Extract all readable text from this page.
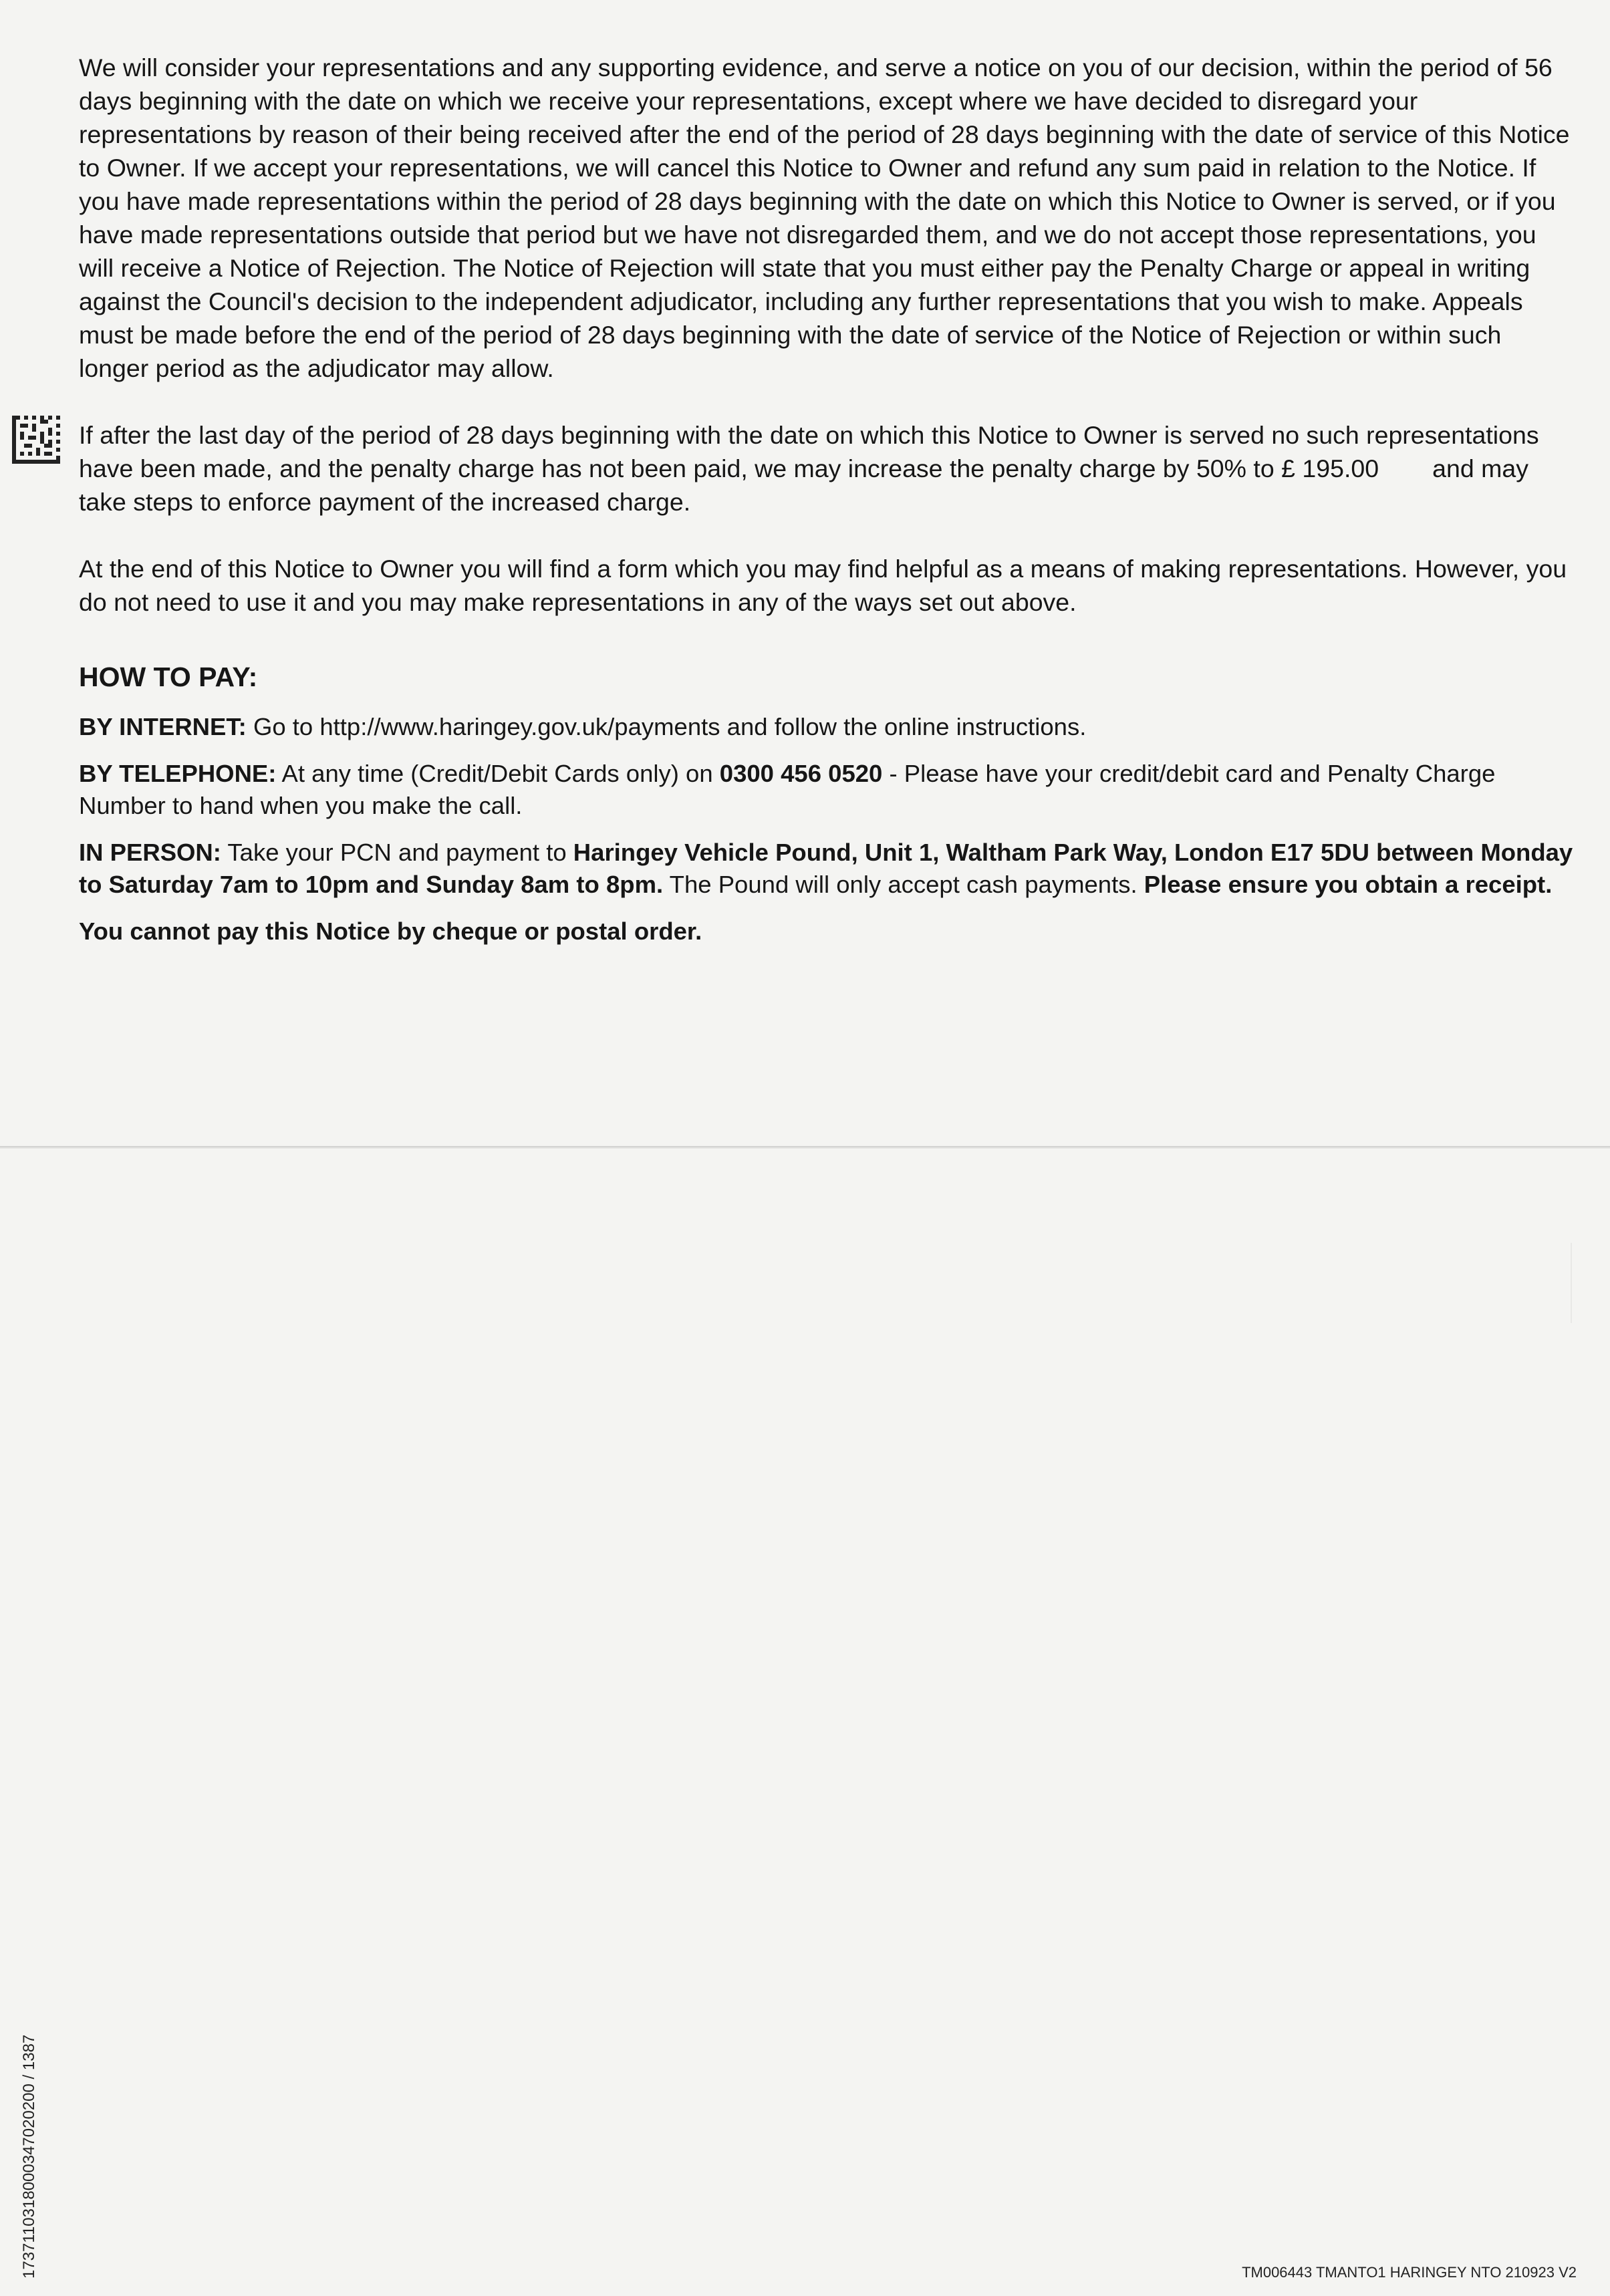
We will consider your representations and any supporting evidence, and serve a notice on you of our decision, within the period of 56 days beginning with the date on which we receive your representations, except where we have decided to disregard your representations by reason of their being received after the end of the period of 28 days beginning with the date of service of this Notice to Owner. If we accept your representations, we will cancel this Notice to Owner and refund any sum paid in relation to the Notice. If you have made representations within the period of 28 days beginning with the date on which this Notice to Owner is served, or if you have made representations outside that period but we have not disregarded them, and we do not accept those representations, you will receive a Notice of Rejection. The Notice of Rejection will state that you must either pay the Penalty Charge or appeal in writing against the Council's decision to the independent adjudicator, including any further representations that you wish to make. Appeals must be made before the end of the period of 28 days beginning with the date of service of the Notice of Rejection or within such longer period as the adjudicator may allow.

If after the last day of the period of 28 days beginning with the date on which this Notice to Owner is served no such representations have been made, and the penalty charge has not been paid, we may increase the penalty charge by 50% to £ 195.00 and may take steps to enforce payment of the increased charge.

At the end of this Notice to Owner you will find a form which you may find helpful as a means of making representations. However, you do not need to use it and you may make representations in any of the ways set out above.

HOW TO PAY:

BY INTERNET: Go to http://www.haringey.gov.uk/payments and follow the online instructions.

BY TELEPHONE: At any time (Credit/Debit Cards only) on 0300 456 0520 - Please have your credit/debit card and Penalty Charge Number to hand when you make the call.

IN PERSON: Take your PCN and payment to Haringey Vehicle Pound, Unit 1, Waltham Park Way, London E17 5DU between Monday to Saturday 7am to 10pm and Sunday 8am to 8pm. The Pound will only accept cash payments. Please ensure you obtain a receipt.

You cannot pay this Notice by cheque or postal order.

1737110318000347020200 / 1387	TM006443 TMANTO1 HARINGEY NTO 210923 V2
